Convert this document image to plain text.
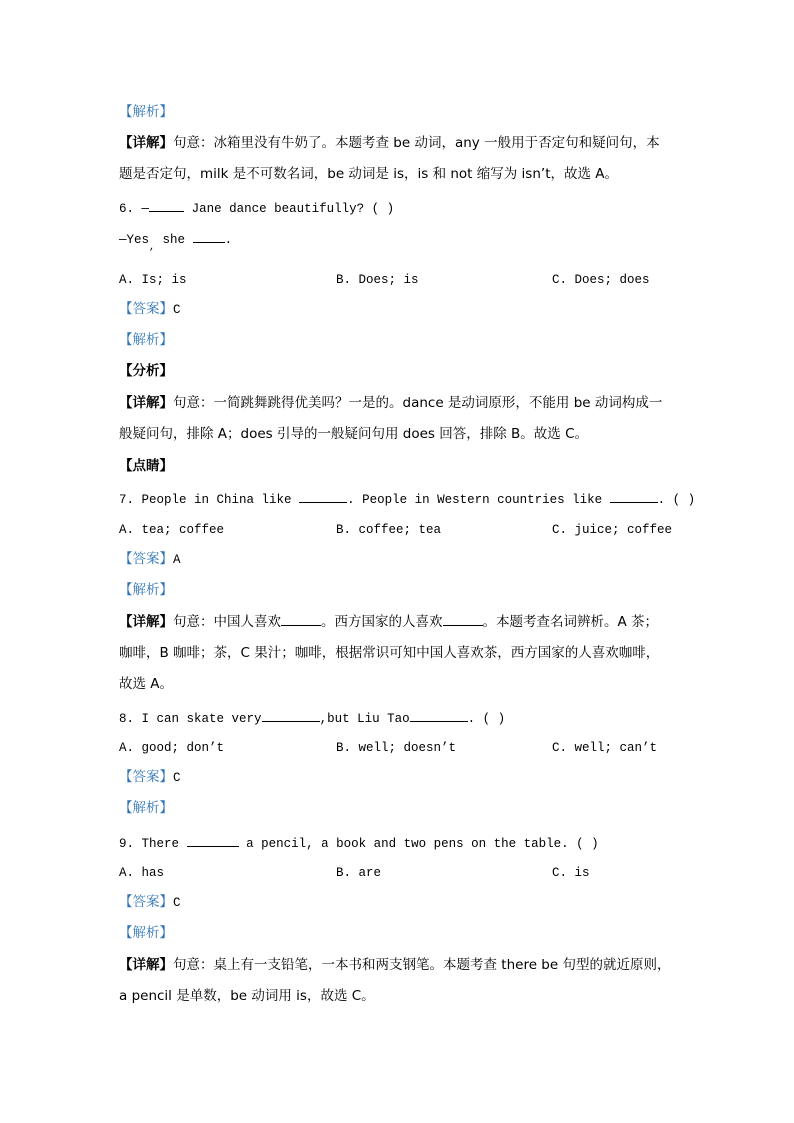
【解析】
【详解】句意：冰箱里没有牛奶了。本题考查 be 动词，any 一般用于否定句和疑问句，本
题是否定句，milk 是不可数名词，be 动词是 is，is 和 not 缩写为 isn’t，故选 A。
6. —	Jane dance beautifully? ( )
—Yes$_,$ she	.
A. Is; is	B. Does; is	C. Does; does
【答案】C
【解析】
【分析】
【详解】句意：一简跳舞跳得优美吗？一是的。dance 是动词原形，不能用 be 动词构成一
般疑问句，排除 A；does 引导的一般疑问句用 does 回答，排除 B。故选 C。
【点睛】
7. People in China like	. People in Western countries like	. ( )
A. tea; coffee	B. coffee; tea	C. juice; coffee
【答案】A
【解析】
【详解】句意：中国人喜欢	。西方国家的人喜欢	。本题考查名词辨析。A 茶；
咖啡，B 咖啡；茶，C 果汁；咖啡，根据常识可知中国人喜欢茶，西方国家的人喜欢咖啡，
故选 A。
8. I can skate very	,but Liu Tao	. ( )
A. good; don’t	B. well; doesn’t	C. well; can’t
【答案】C
【解析】
9. There	a pencil, a book and two pens on the table. ( )
A. has	B. are	C. is
【答案】C
【解析】
【详解】句意：桌上有一支铅笔，一本书和两支钢笔。本题考查 there be 句型的就近原则，
a pencil 是单数，be 动词用 is，故选 C。
